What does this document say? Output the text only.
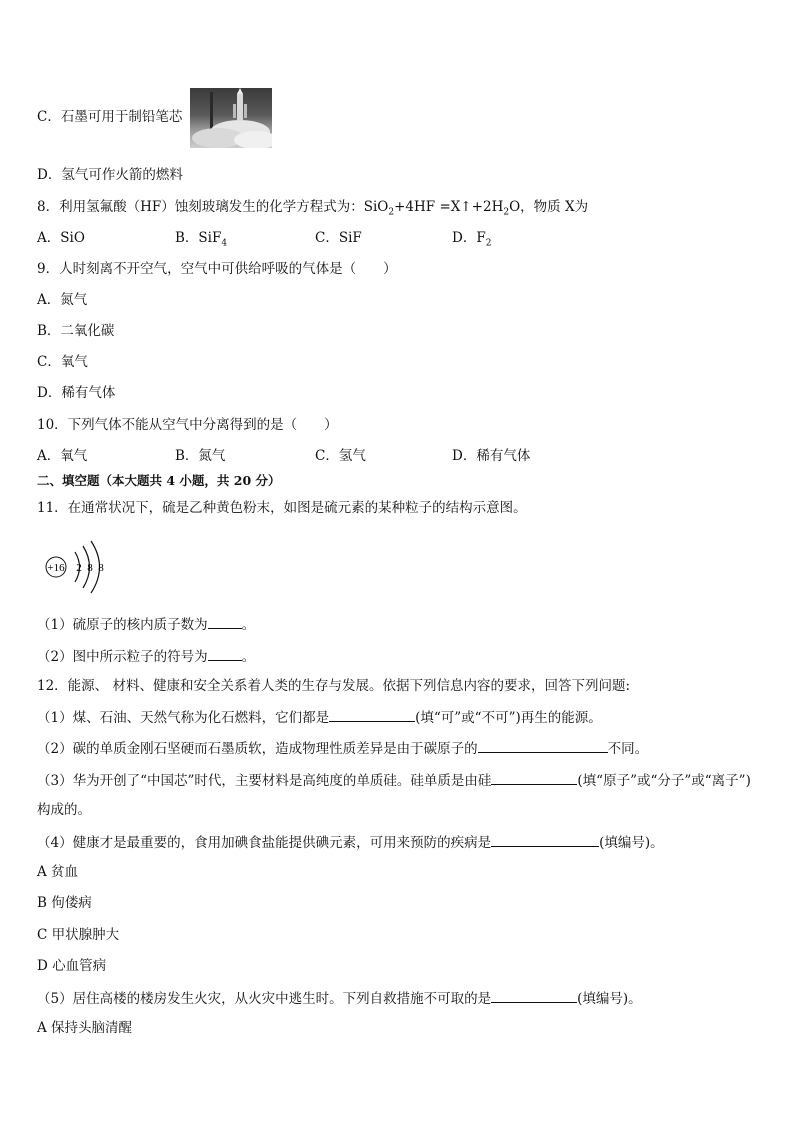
C．石墨可用于制铅笔芯
D．氢气可作火箭的燃料
8．利用氢氟酸（HF）蚀刻玻璃发生的化学方程式为：$SiO_2+4HF =X↑+2H_2O$，物质 X为
A．SiO	B．SiF$_4$	C．SiF	D．$F_2$
9．人时刻离不开空气，空气中可供给呼吸的气体是（　　）
A．氮气
B．二氧化碳
C．氧气
D．稀有气体
10．下列气体不能从空气中分离得到的是（　　）
A．氧气	B．氮气	C．氢气	D．稀有气体
二、填空题（本大题共 4 小题，共 20 分）
11．在通常状况下，硫是乙种黄色粉末，如图是硫元素的某种粒子的结构示意图。
+16 2 8 8
（1）硫原子的核内质子数为	。
（2）图中所示粒子的符号为	。
12．能源、 材料、健康和安全关系着人类的生存与发展。依据下列信息内容的要求，回答下列问题:
（1）煤、石油、天然气称为化石燃料，它们都是	(填“可”或“不可”)再生的能源。
（2）碳的单质金刚石坚硬而石墨质软，造成物理性质差异是由于碳原子的	不同。
（3）华为开创了“中国芯”时代，主要材料是高纯度的单质硅。硅单质是由硅	(填“原子”或“分子”或“离子”)
构成的。
（4）健康才是最重要的，食用加碘食盐能提供碘元素，可用来预防的疾病是	(填编号)。
A 贫血
B 佝偻病
C 甲状腺肿大
D 心血管病
（5）居住高楼的楼房发生火灾，从火灾中逃生时。下列自救措施不可取的是	(填编号)。
A 保持头脑清醒
